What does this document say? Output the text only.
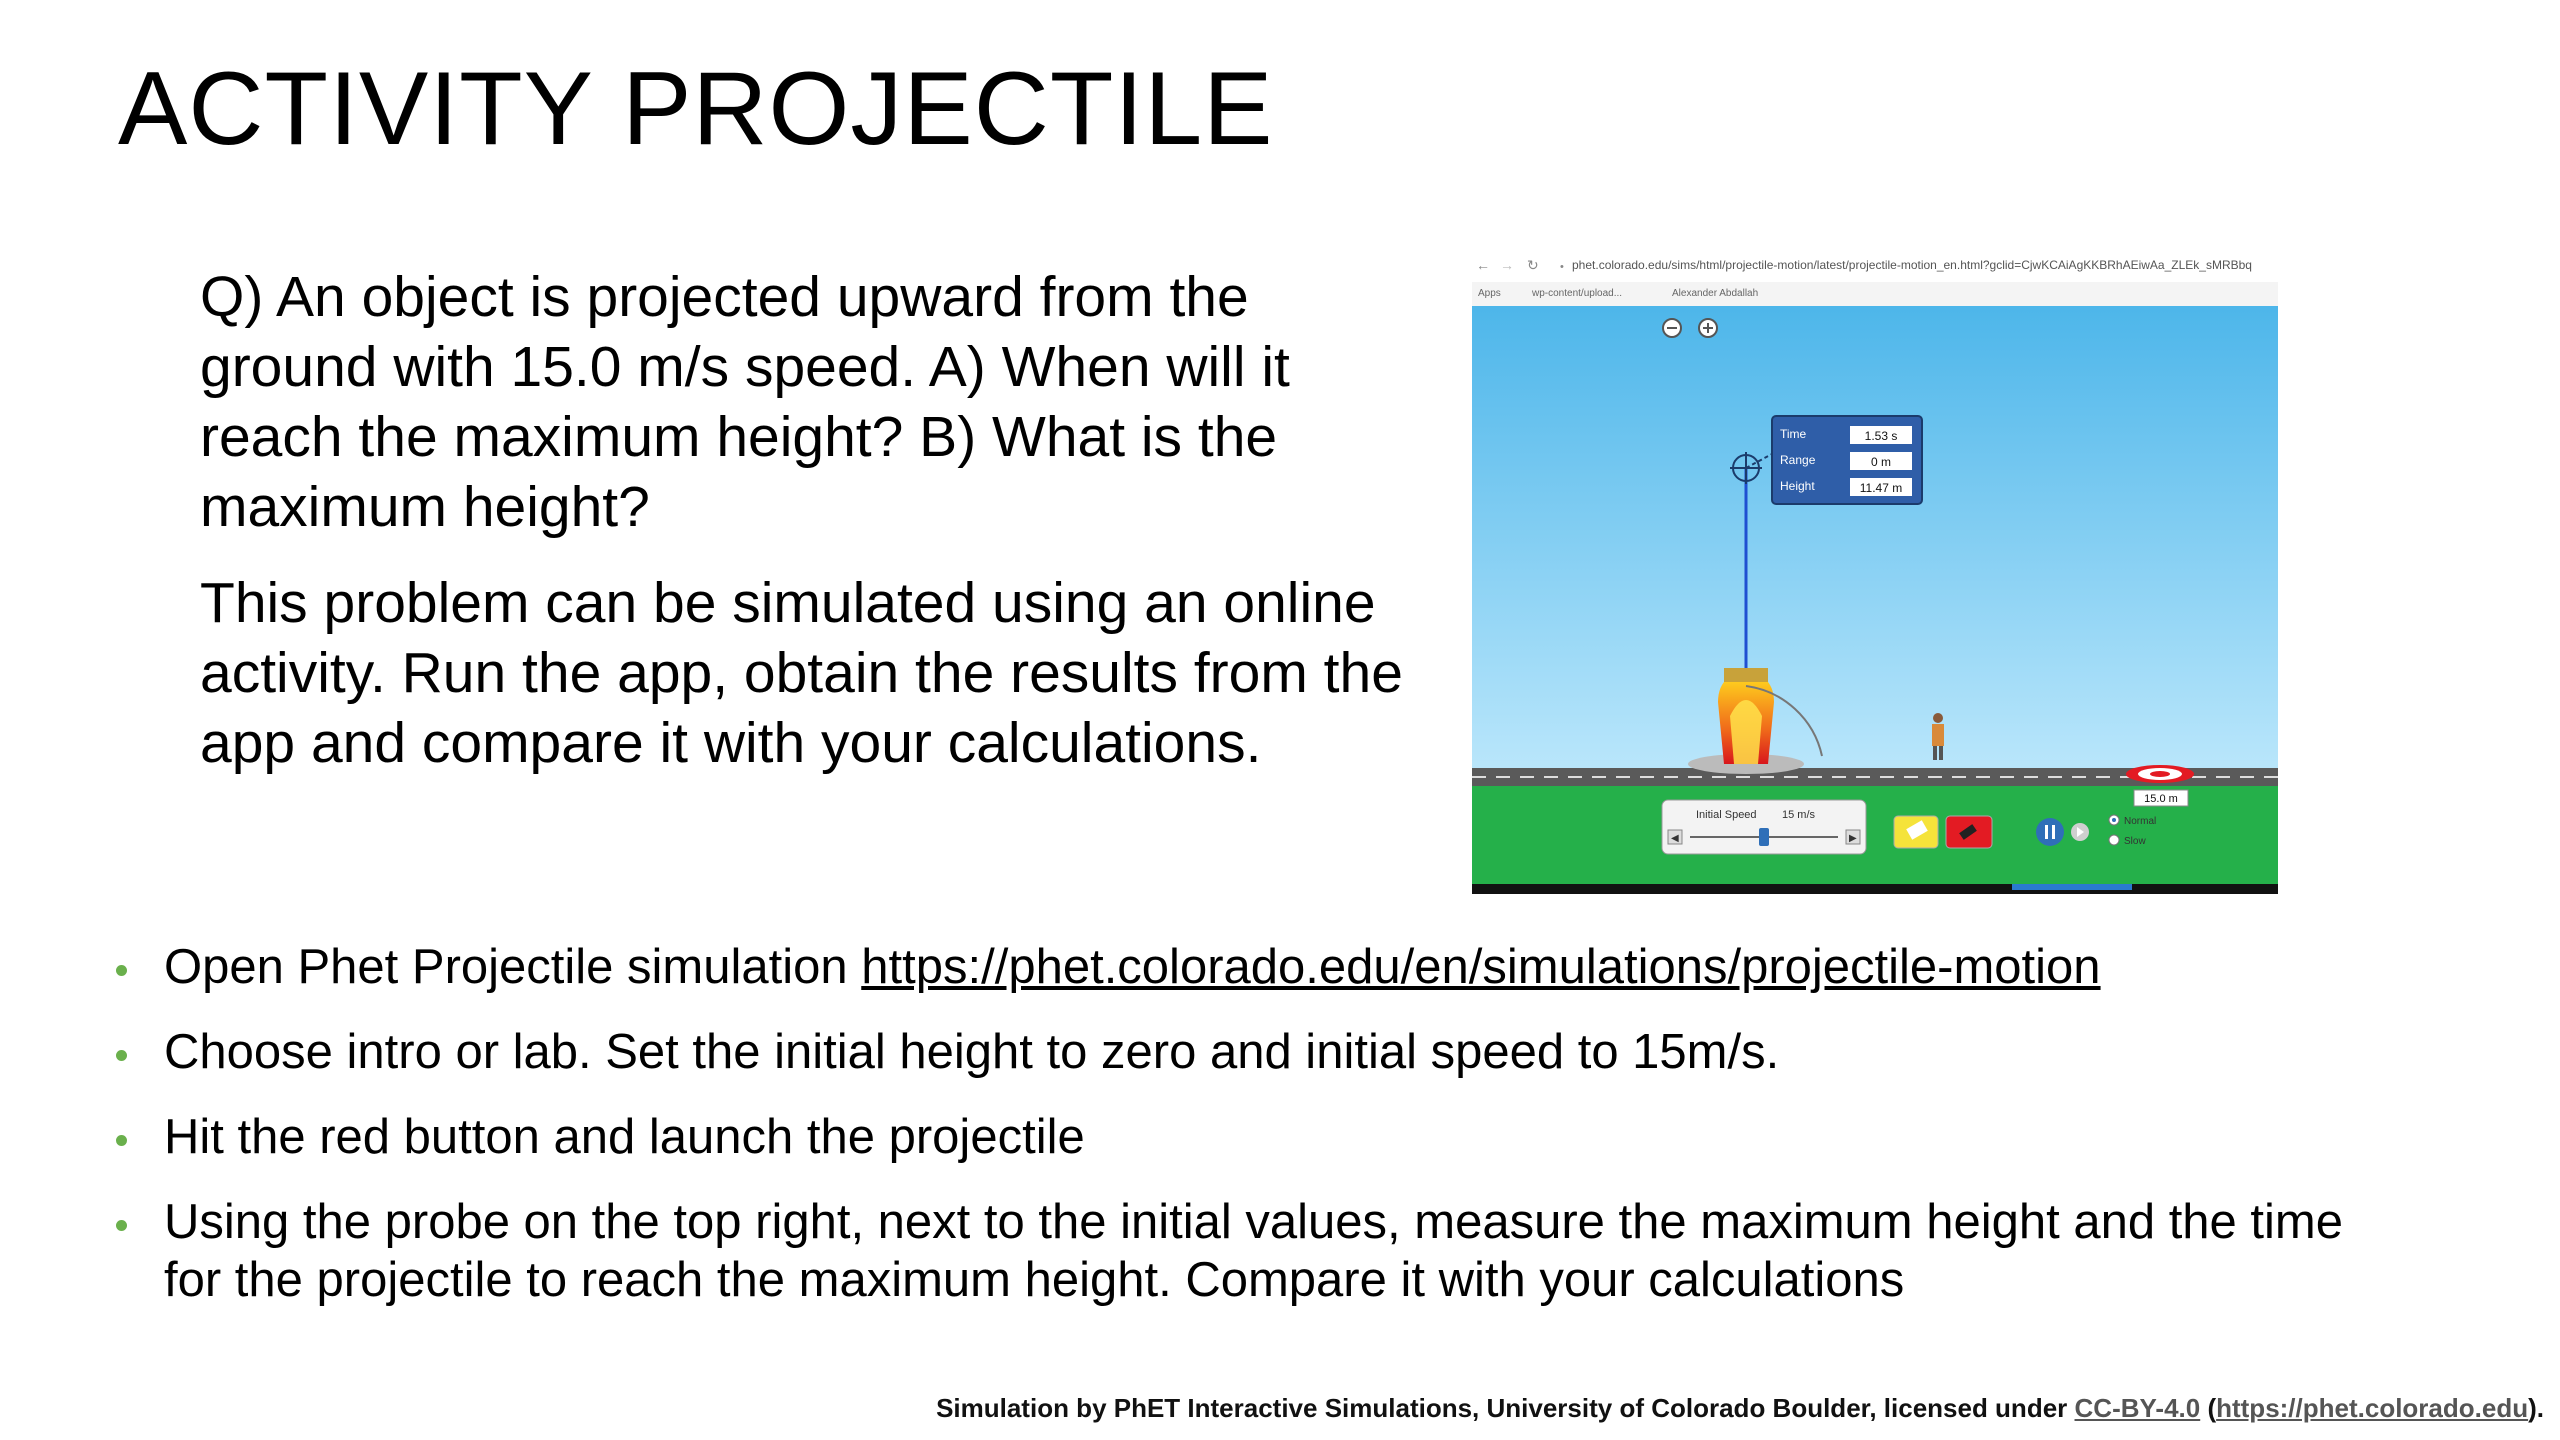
ACTIVITY PROJECTILE

Q) An object is projected upward from the ground with 15.0 m/s speed. A) When will it reach the maximum height? B) What is the maximum height?

This problem can be simulated using an online activity. Run the app, obtain the results from the app and compare it with your calculations.

phet.colorado.edu/sims/html/projectile-motion/latest/projectile-motion_en.html?gclid=CjwKCAiAgKKBRhAEiwAa_ZLEk_sMRBbq
← → ↻ •
Apps	wp-content/upload...	Alexander Abdallah
Time	1.53 s
Range	0 m
Height	11.47 m
15.0 m
Initial Speed 15 m/s
◀	▶
Normal
Slow
Open Phet Projectile simulation https://phet.colorado.edu/en/simulations/projectile-motion
Choose intro or lab. Set the initial height to zero and initial speed to 15m/s.
Hit the red button and launch the projectile
Using the probe on the top right, next to the initial values, measure the maximum height and the time for the projectile to reach the maximum height. Compare it with your calculations
Simulation by PhET Interactive Simulations, University of Colorado Boulder, licensed under CC-BY-4.0 (https://phet.colorado.edu).
